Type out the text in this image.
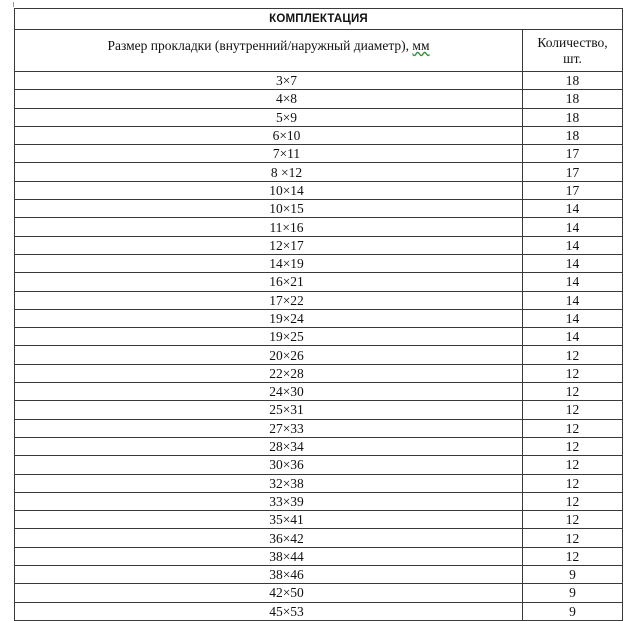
КОМПЛЕКТАЦИЯ	
Размер прокладки (внутренний/наружный диаметр), мм	Количество,
шт.
3×7	18
4×8	18
5×9	18
6×10	18
7×11	17
8 ×12	17
10×14	17
10×15	14
11×16	14
12×17	14
14×19	14
16×21	14
17×22	14
19×24	14
19×25	14
20×26	12
22×28	12
24×30	12
25×31	12
27×33	12
28×34	12
30×36	12
32×38	12
33×39	12
35×41	12
36×42	12
38×44	12
38×46	9
42×50	9
45×53	9
